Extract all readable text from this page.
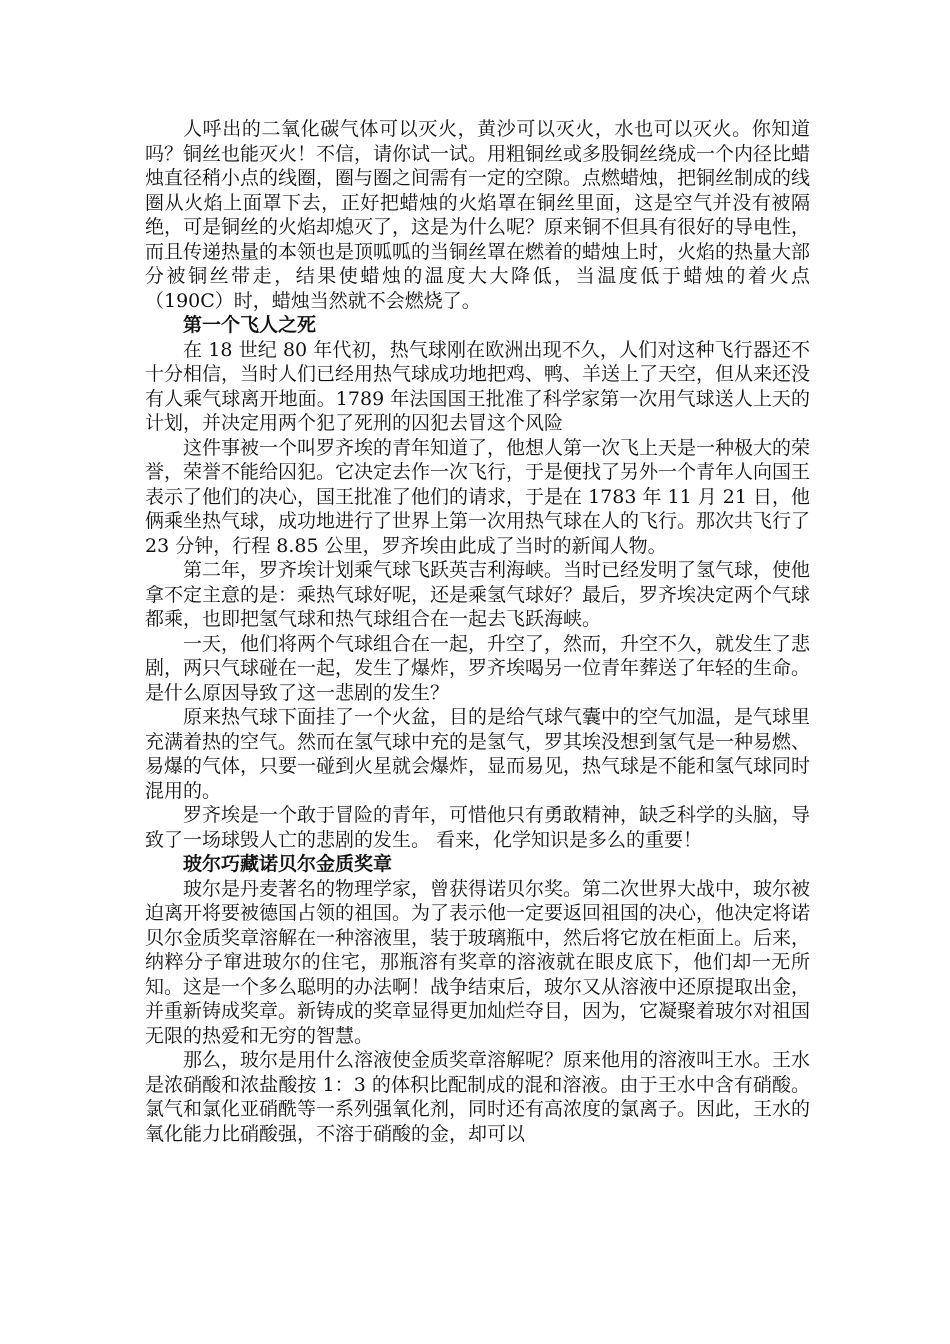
人呼出的二氧化碳气体可以灭火，黄沙可以灭火，水也可以灭火。你知道吗？铜丝也能灭火！不信，请你试一试。用粗铜丝或多股铜丝绕成一个内径比蜡烛直径稍小点的线圈，圈与圈之间需有一定的空隙。点燃蜡烛，把铜丝制成的线圈从火焰上面罩下去，正好把蜡烛的火焰罩在铜丝里面，这是空气并没有被隔绝，可是铜丝的火焰却熄灭了，这是为什么呢？原来铜不但具有很好的导电性，而且传递热量的本领也是顶呱呱的当铜丝罩在燃着的蜡烛上时，火焰的热量大部分被铜丝带走，结果使蜡烛的温度大大降低，当温度低于蜡烛的着火点（190C）时，蜡烛当然就不会燃烧了。

第一个飞人之死

在 18 世纪 80 年代初，热气球刚在欧洲出现不久，人们对这种飞行器还不十分相信，当时人们已经用热气球成功地把鸡、鸭、羊送上了天空，但从来还没有人乘气球离开地面。1789 年法国国王批准了科学家第一次用气球送人上天的计划，并决定用两个犯了死刑的囚犯去冒这个风险

这件事被一个叫罗齐埃的青年知道了，他想人第一次飞上天是一种极大的荣誉，荣誉不能给囚犯。它决定去作一次飞行，于是便找了另外一个青年人向国王表示了他们的决心，国王批准了他们的请求，于是在 1783 年 11 月 21 日，他俩乘坐热气球，成功地进行了世界上第一次用热气球在人的飞行。那次共飞行了 23 分钟，行程 8.85 公里，罗齐埃由此成了当时的新闻人物。

第二年，罗齐埃计划乘气球飞跃英吉利海峡。当时已经发明了氢气球，使他拿不定主意的是：乘热气球好呢，还是乘氢气球好？最后，罗齐埃决定两个气球都乘，也即把氢气球和热气球组合在一起去飞跃海峡。

一天，他们将两个气球组合在一起，升空了，然而，升空不久，就发生了悲剧，两只气球碰在一起，发生了爆炸，罗齐埃喝另一位青年葬送了年轻的生命。是什么原因导致了这一悲剧的发生？

原来热气球下面挂了一个火盆，目的是给气球气囊中的空气加温，是气球里充满着热的空气。然而在氢气球中充的是氢气，罗其埃没想到氢气是一种易燃、易爆的气体，只要一碰到火星就会爆炸，显而易见，热气球是不能和氢气球同时混用的。

罗齐埃是一个敢于冒险的青年，可惜他只有勇敢精神，缺乏科学的头脑，导致了一场球毁人亡的悲剧的发生。 看来，化学知识是多么的重要！

玻尔巧藏诺贝尔金质奖章

玻尔是丹麦著名的物理学家，曾获得诺贝尔奖。第二次世界大战中，玻尔被迫离开将要被德国占领的祖国。为了表示他一定要返回祖国的决心，他决定将诺贝尔金质奖章溶解在一种溶液里，装于玻璃瓶中，然后将它放在柜面上。后来，纳粹分子窜进玻尔的住宅，那瓶溶有奖章的溶液就在眼皮底下，他们却一无所知。这是一个多么聪明的办法啊！战争结束后，玻尔又从溶液中还原提取出金，并重新铸成奖章。新铸成的奖章显得更加灿烂夺目，因为，它凝聚着玻尔对祖国无限的热爱和无穷的智慧。

那么，玻尔是用什么溶液使金质奖章溶解呢？原来他用的溶液叫王水。王水是浓硝酸和浓盐酸按 1：3 的体积比配制成的混和溶液。由于王水中含有硝酸。氯气和氯化亚硝酰等一系列强氧化剂，同时还有高浓度的氯离子。因此，王水的氧化能力比硝酸强，不溶于硝酸的金，却可以
